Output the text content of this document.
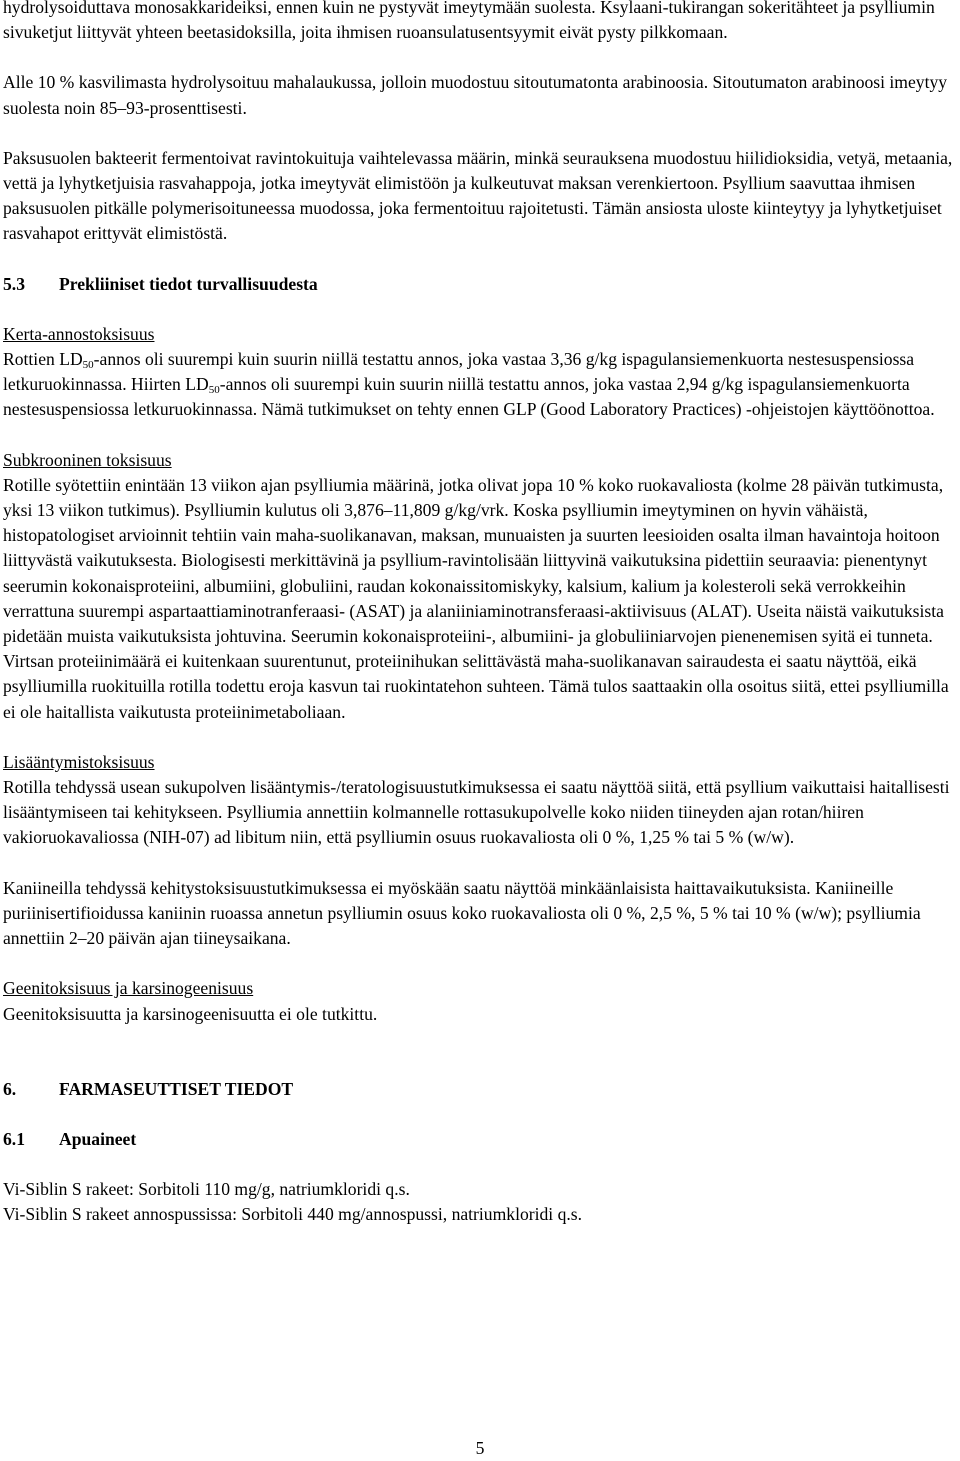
hydrolysoiduttava monosakkarideiksi, ennen kuin ne pystyvät imeytymään suolesta. Ksylaani-tukirangan sokeritähteet ja psylliumin sivuketjut liittyvät yhteen beetasidoksilla, joita ihmisen ruoansulatusentsyymit eivät pysty pilkkomaan.

Alle 10 % kasvilimasta hydrolysoituu mahalaukussa, jolloin muodostuu sitoutumatonta arabinoosia. Sitoutumaton arabinoosi imeytyy suolesta noin 85–93-prosenttisesti.

Paksusuolen bakteerit fermentoivat ravintokuituja vaihtelevassa määrin, minkä seurauksena muodostuu hiilidioksidia, vetyä, metaania, vettä ja lyhytketjuisia rasvahappoja, jotka imeytyvät elimistöön ja kulkeutuvat maksan verenkiertoon. Psyllium saavuttaa ihmisen paksusuolen pitkälle polymerisoituneessa muodossa, joka fermentoituu rajoitetusti. Tämän ansiosta uloste kiinteytyy ja lyhytketjuiset rasvahapot erittyvät elimistöstä.

5.3 Prekliiniset tiedot turvallisuudesta

Kerta-annostoksisuus

Rottien $LD_{50}$-annos oli suurempi kuin suurin niillä testattu annos, joka vastaa 3,36 g/kg ispagulansiemenkuorta nestesuspensiossa letkuruokinnassa. Hiirten $LD_{50}$-annos oli suurempi kuin suurin niillä testattu annos, joka vastaa 2,94 g/kg ispagulansiemenkuorta nestesuspensiossa letkuruokinnassa. Nämä tutkimukset on tehty ennen GLP (Good Laboratory Practices) -ohjeistojen käyttöönottoa.

Subkrooninen toksisuus

Rotille syötettiin enintään 13 viikon ajan psylliumia määrinä, jotka olivat jopa 10 % koko ruokavaliosta (kolme 28 päivän tutkimusta, yksi 13 viikon tutkimus). Psylliumin kulutus oli 3,876–11,809 g/kg/vrk. Koska psylliumin imeytyminen on hyvin vähäistä, histopatologiset arvioinnit tehtiin vain maha-suolikanavan, maksan, munuaisten ja suurten leesioiden osalta ilman havaintoja hoitoon liittyvästä vaikutuksesta. Biologisesti merkittävinä ja psyllium-ravintolisään liittyvinä vaikutuksina pidettiin seuraavia: pienentynyt seerumin kokonaisproteiini, albumiini, globuliini, raudan kokonaissitomiskyky, kalsium, kalium ja kolesteroli sekä verrokkeihin verrattuna suurempi aspartaattiaminotranferaasi- (ASAT) ja alaniiniaminotransferaasi-aktiivisuus (ALAT). Useita näistä vaikutuksista pidetään muista vaikutuksista johtuvina. Seerumin kokonaisproteiini-, albumiini- ja globuliiniarvojen pienenemisen syitä ei tunneta. Virtsan proteiinimäärä ei kuitenkaan suurentunut, proteiinihukan selittävästä maha-suolikanavan sairaudesta ei saatu näyttöä, eikä psylliumilla ruokituilla rotilla todettu eroja kasvun tai ruokintatehon suhteen. Tämä tulos saattaakin olla osoitus siitä, ettei psylliumilla ei ole haitallista vaikutusta proteiinimetaboliaan.

Lisääntymistoksisuus

Rotilla tehdyssä usean sukupolven lisääntymis-/teratologisuustutkimuksessa ei saatu näyttöä siitä, että psyllium vaikuttaisi haitallisesti lisääntymiseen tai kehitykseen. Psylliumia annettiin kolmannelle rottasukupolvelle koko niiden tiineyden ajan rotan/hiiren vakioruokavaliossa (NIH-07) ad libitum niin, että psylliumin osuus ruokavaliosta oli 0 %, 1,25 % tai 5 % (w/w).

Kaniineilla tehdyssä kehitystoksisuustutkimuksessa ei myöskään saatu näyttöä minkäänlaisista haittavaikutuksista. Kaniineille puriinisertifioidussa kaniinin ruoassa annetun psylliumin osuus koko ruokavaliosta oli 0 %, 2,5 %, 5 % tai 10 % (w/w); psylliumia annettiin 2–20 päivän ajan tiineysaikana.

Geenitoksisuus ja karsinogeenisuus

Geenitoksisuutta ja karsinogeenisuutta ei ole tutkittu.

6. FARMASEUTTISET TIEDOT

6.1 Apuaineet

Vi-Siblin S rakeet: Sorbitoli 110 mg/g, natriumkloridi q.s.

Vi-Siblin S rakeet annospussissa: Sorbitoli 440 mg/annospussi, natriumkloridi q.s.

5
